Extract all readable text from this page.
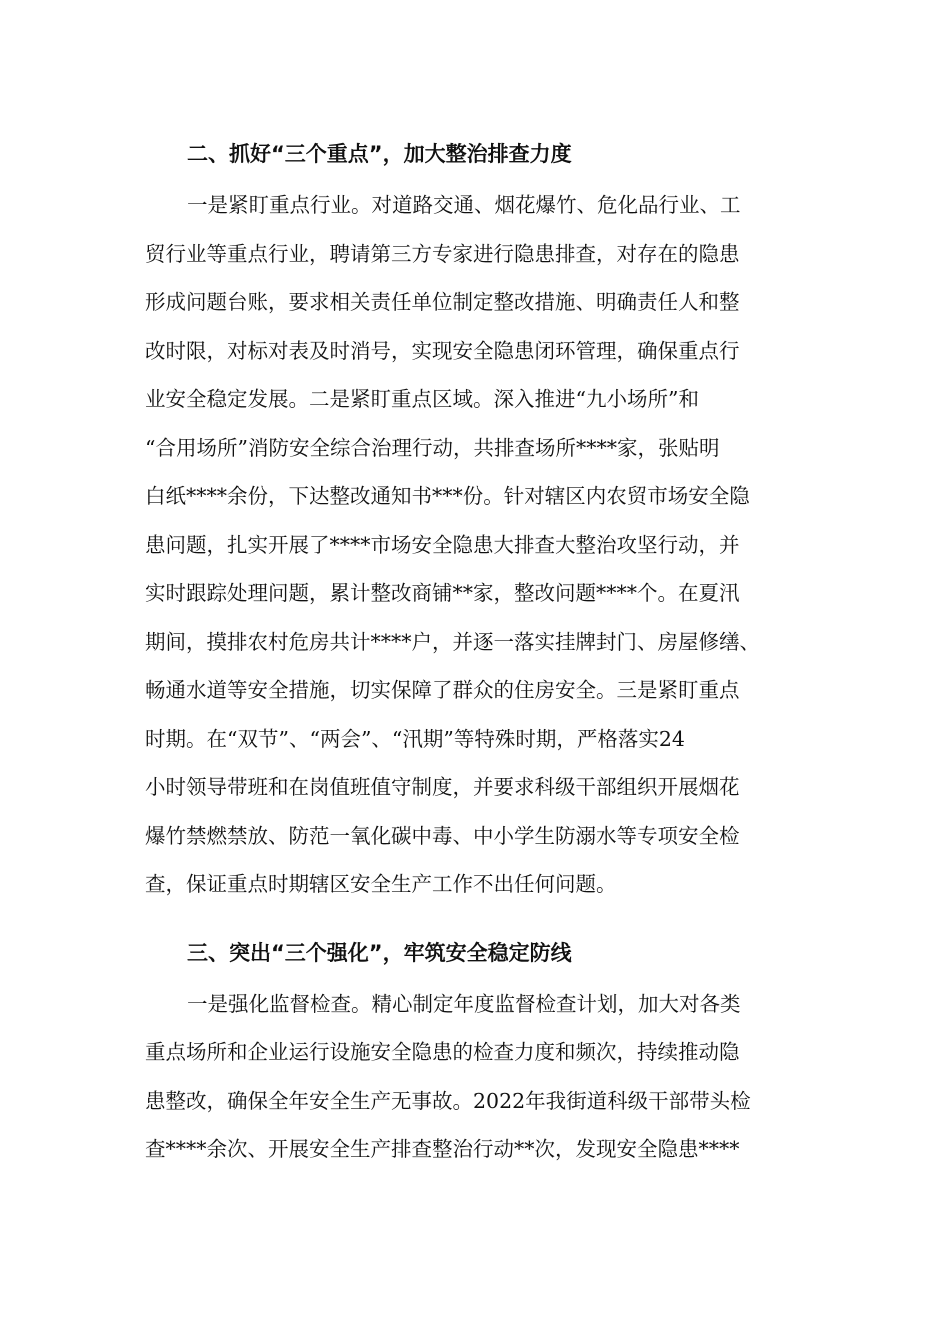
二、抓好“三个重点”，加大整治排查力度
一是紧盯重点行业。对道路交通、烟花爆竹、危化品行业、工
贸行业等重点行业，聘请第三方专家进行隐患排查，对存在的隐患
形成问题台账，要求相关责任单位制定整改措施、明确责任人和整
改时限，对标对表及时消号，实现安全隐患闭环管理，确保重点行
业安全稳定发展。二是紧盯重点区域。深入推进“九小场所”和
“合用场所”消防安全综合治理行动，共排查场所****家，张贴明
白纸****余份，下达整改通知书***份。针对辖区内农贸市场安全隐
患问题，扎实开展了****市场安全隐患大排查大整治攻坚行动，并
实时跟踪处理问题，累计整改商铺**家，整改问题****个。在夏汛
期间，摸排农村危房共计****户，并逐一落实挂牌封门、房屋修缮、
畅通水道等安全措施，切实保障了群众的住房安全。三是紧盯重点
时期。在“双节”、“两会”、“汛期”等特殊时期，严格落实24
小时领导带班和在岗值班值守制度，并要求科级干部组织开展烟花
爆竹禁燃禁放、防范一氧化碳中毒、中小学生防溺水等专项安全检
查，保证重点时期辖区安全生产工作不出任何问题。
三、突出“三个强化”，牢筑安全稳定防线
一是强化监督检查。精心制定年度监督检查计划，加大对各类
重点场所和企业运行设施安全隐患的检查力度和频次，持续推动隐
患整改，确保全年安全生产无事故。2022年我街道科级干部带头检
查****余次、开展安全生产排查整治行动**次，发现安全隐患****
